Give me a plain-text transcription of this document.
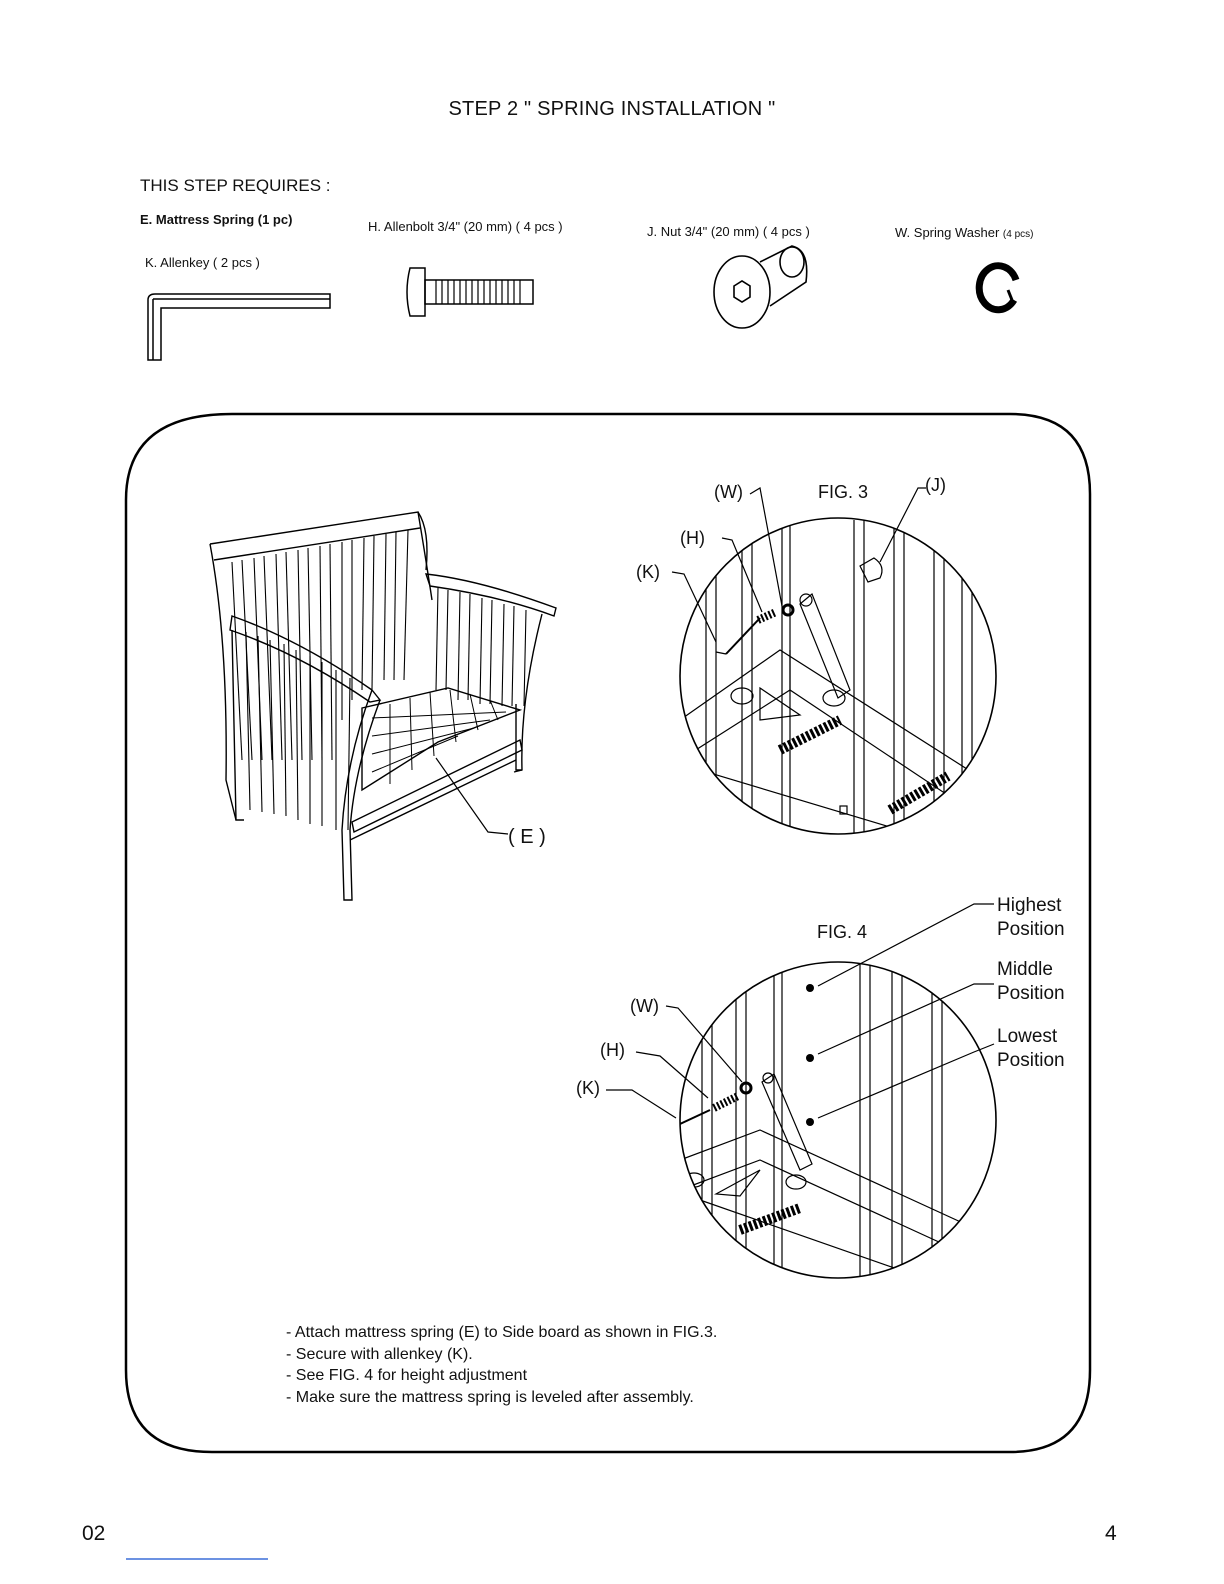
STEP 2 " SPRING INSTALLATION "
THIS STEP REQUIRES :
E. Mattress Spring (1 pc)	H. Allenbolt 3/4" (20 mm) ( 4 pcs )	J. Nut 3/4" (20 mm) ( 4 pcs )	W. Spring Washer (4 pcs)
K. Allenkey ( 2 pcs )
( E )
FIG. 3
(W)	(J)
(H)
(K)
FIG. 4
(W)
(H)
(K)
Highest
Position
Middle
Position
Lowest
Position
- Attach mattress spring (E) to Side board as shown in FIG.3.
- Secure with allenkey (K).
- See FIG. 4 for height adjustment
- Make sure the mattress spring is leveled after assembly.
02	4
